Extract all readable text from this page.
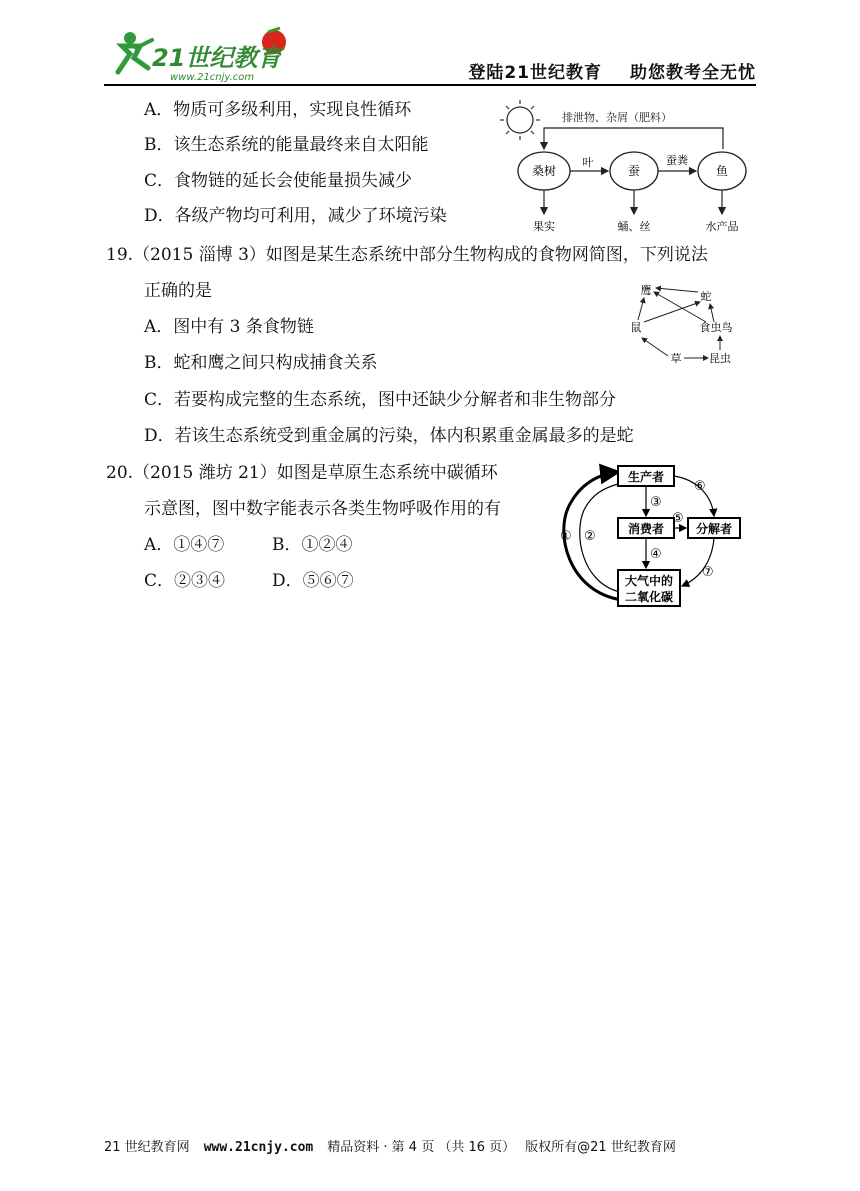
21世纪教育
www.21cnjy.com	登陆21世纪教育 助您教考全无忧
A．物质可多级利用，实现良性循环
B．该生态系统的能量最终来自太阳能
C．食物链的延长会使能量损失减少
D．各级产物均可利用，减少了环境污染
排泄物、杂屑（肥料）
桑树	蚕	鱼
叶	蚕粪
果实	蛹、丝	水产品
19.（2015 淄博 3）如图是某生态系统中部分生物构成的食物网简图，下列说法
正确的是
A．图中有 3 条食物链
B．蛇和鹰之间只构成捕食关系
C．若要构成完整的生态系统，图中还缺少分解者和非生物部分
D．若该生态系统受到重金属的污染，体内积累重金属最多的是蛇
鹰	蛇
鼠	食虫鸟
草	昆虫
20.（2015 潍坊 21）如图是草原生态系统中碳循环
示意图，图中数字能表示各类生物呼吸作用的有
A．①④⑦	B．①②④
C．②③④	D．⑤⑥⑦
生产者
消费者	分解者
大气中的
二氧化碳
① ②
③
④
⑤
⑥
⑦
21 世纪教育网 www.21cnjy.com 精品资料 · 第 4 页 （共 16 页） 版权所有@21 世纪教育网
